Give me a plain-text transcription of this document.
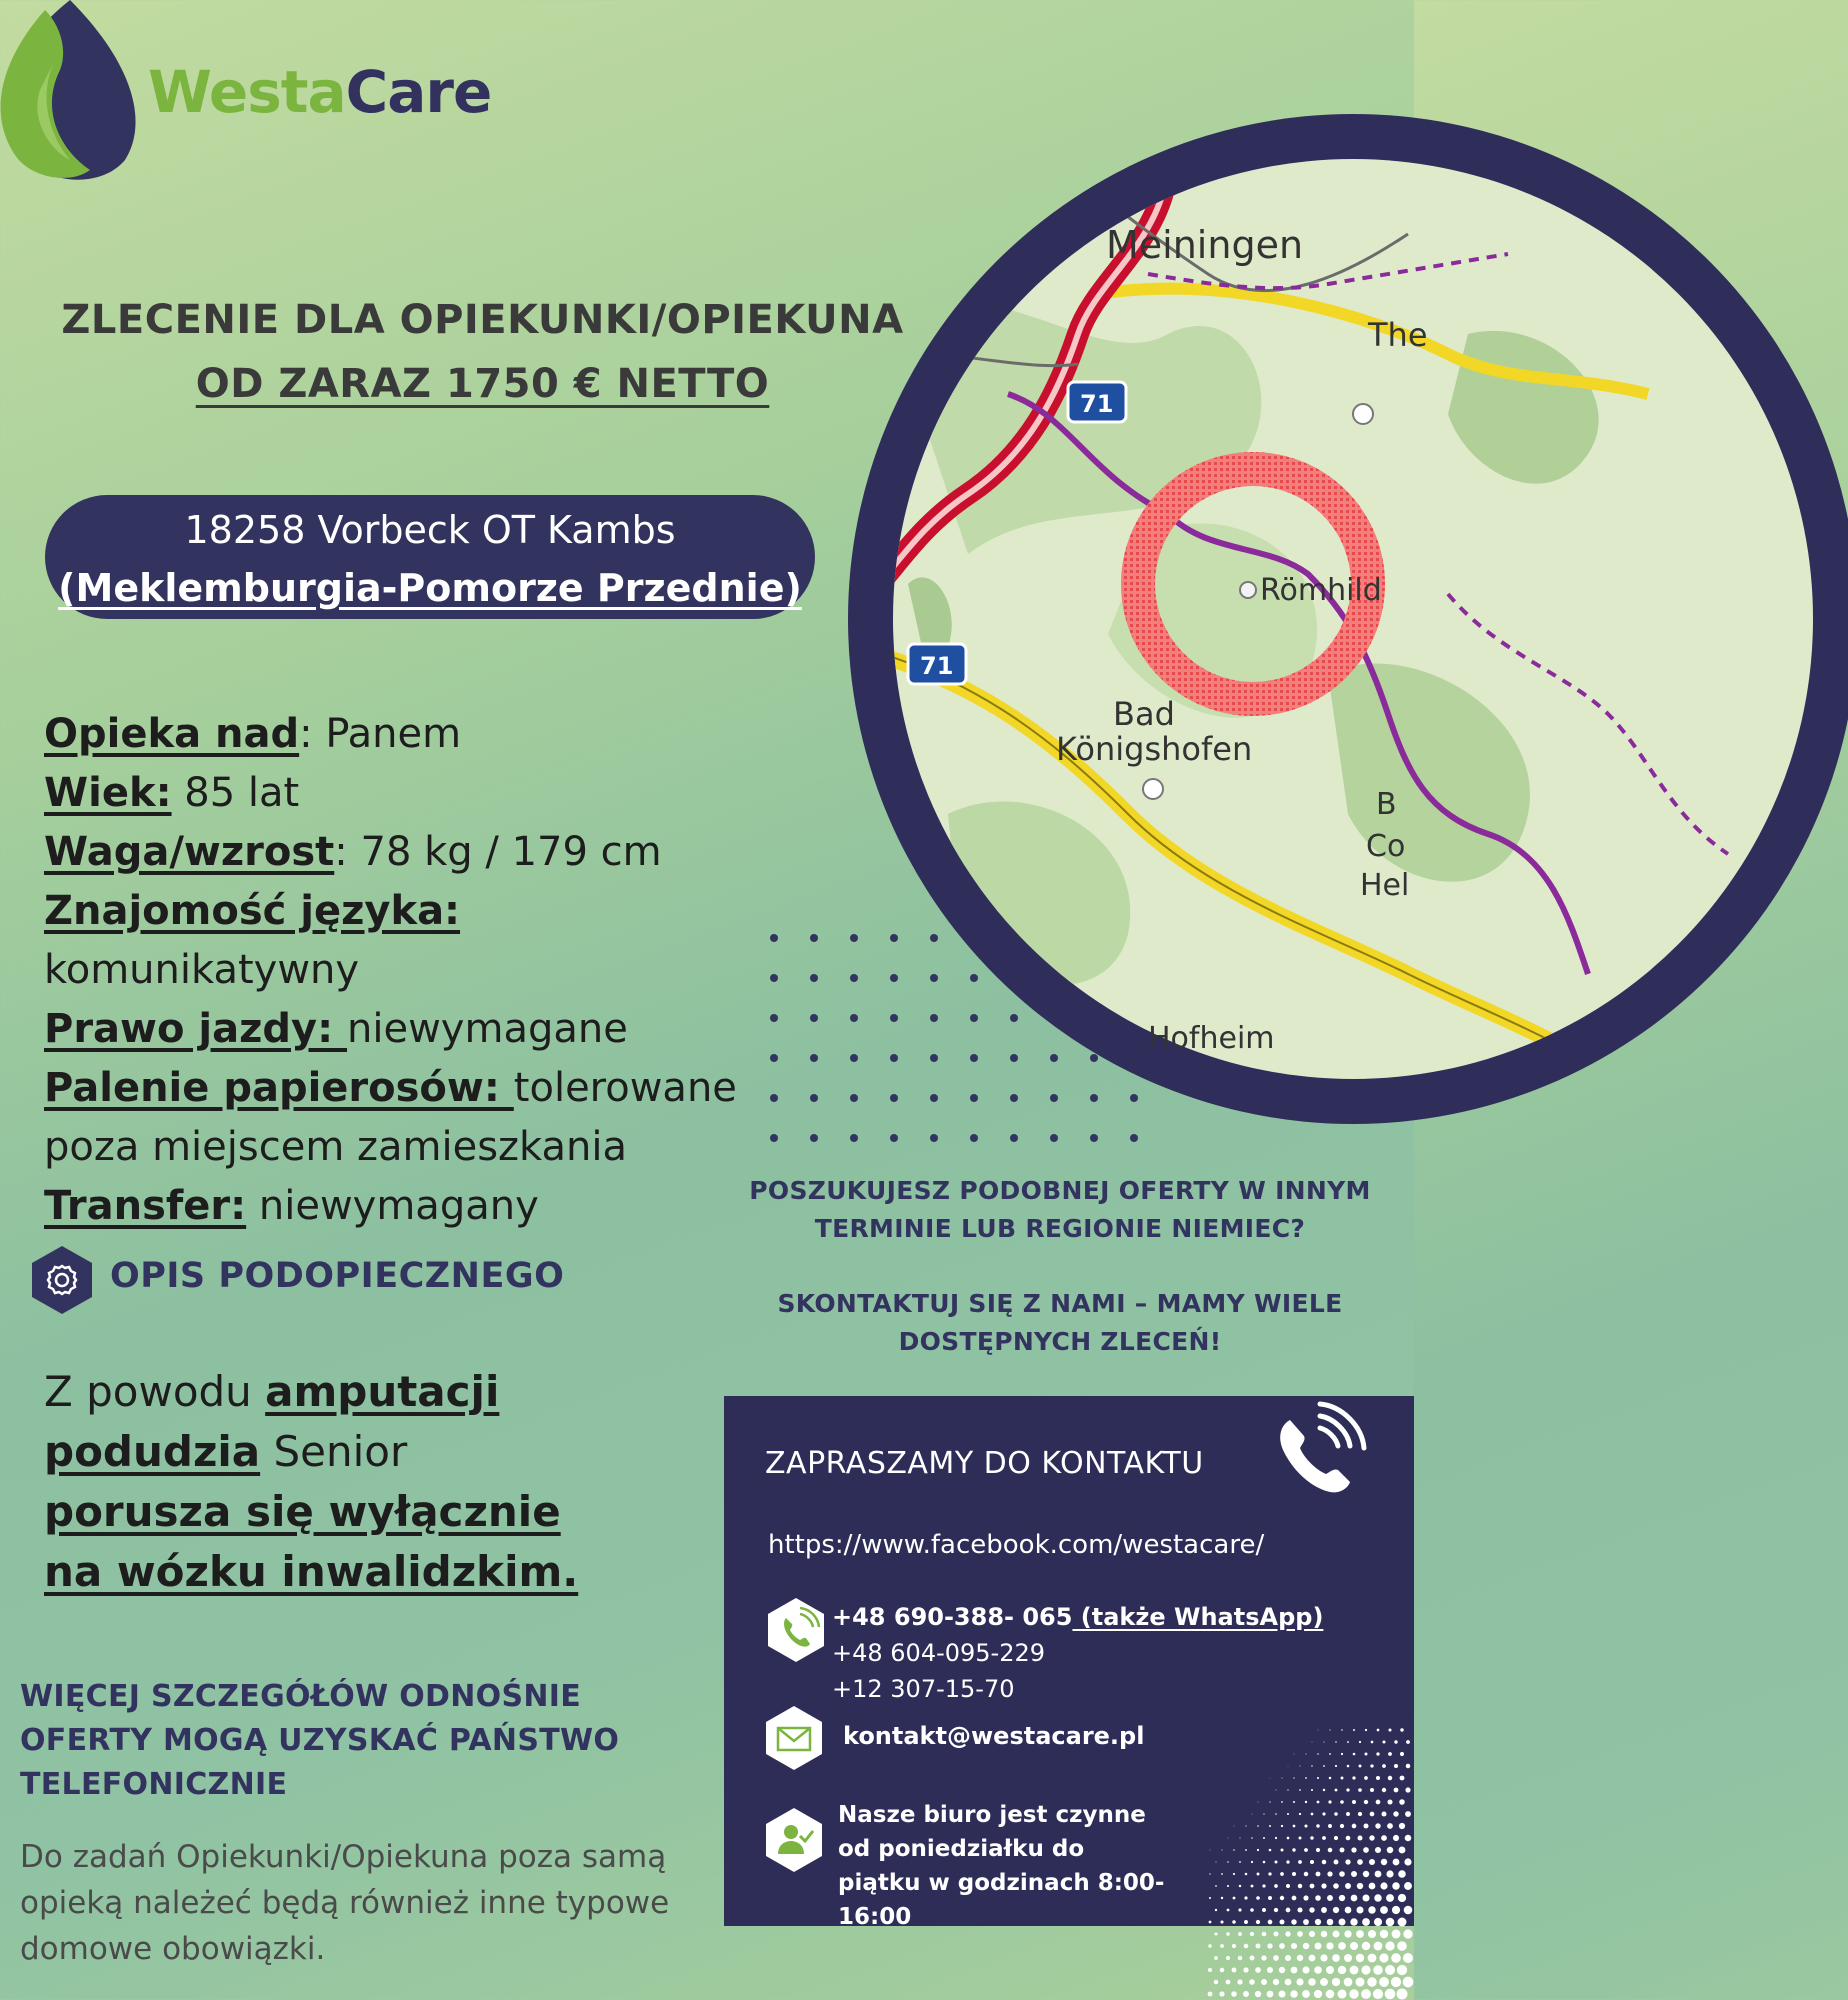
WestaCare
ZLECENIE DLA OPIEKUNKI/OPIEKUNA
OD ZARAZ 1750 € NETTO
18258 Vorbeck OT Kambs
(Meklemburgia-Pomorze Przednie)
Opieka nad: Panem
Wiek: 85 lat
Waga/wzrost: 78 kg / 179 cm
Znajomość języka: komunikatywny
Prawo jazdy: niewymagane
Palenie papierosów: tolerowane poza miejscem zamieszkania
Transfer: niewymagany
OPIS PODOPIECZNEGO
Z powodu amputacji podudzia Senior porusza się wyłącznie na wózku inwalidzkim.
WIĘCEJ SZCZEGÓŁÓW ODNOŚNIE OFERTY MOGĄ UZYSKAĆ PAŃSTWO TELEFONICZNIE
Do zadań Opiekunki/Opiekuna poza samą opieką należeć będą również inne typowe domowe obowiązki.
Meiningen
The
71
71
Römhild
Bad
Königshofen
B
Co
Hel
Hofheim
POSZUKUJESZ PODOBNEJ OFERTY W INNYM TERMINIE LUB REGIONIE NIEMIEC?
SKONTAKTUJ SIĘ Z NAMI – MAMY WIELE DOSTĘPNYCH ZLECEŃ!
ZAPRASZAMY DO KONTAKTU
https://www.facebook.com/westacare/
+48 690-388- 065 (także WhatsApp)
+48 604-095-229
+12 307-15-70
kontakt@westacare.pl
Nasze biuro jest czynne od poniedziałku do piątku w godzinach 8:00-16:00
